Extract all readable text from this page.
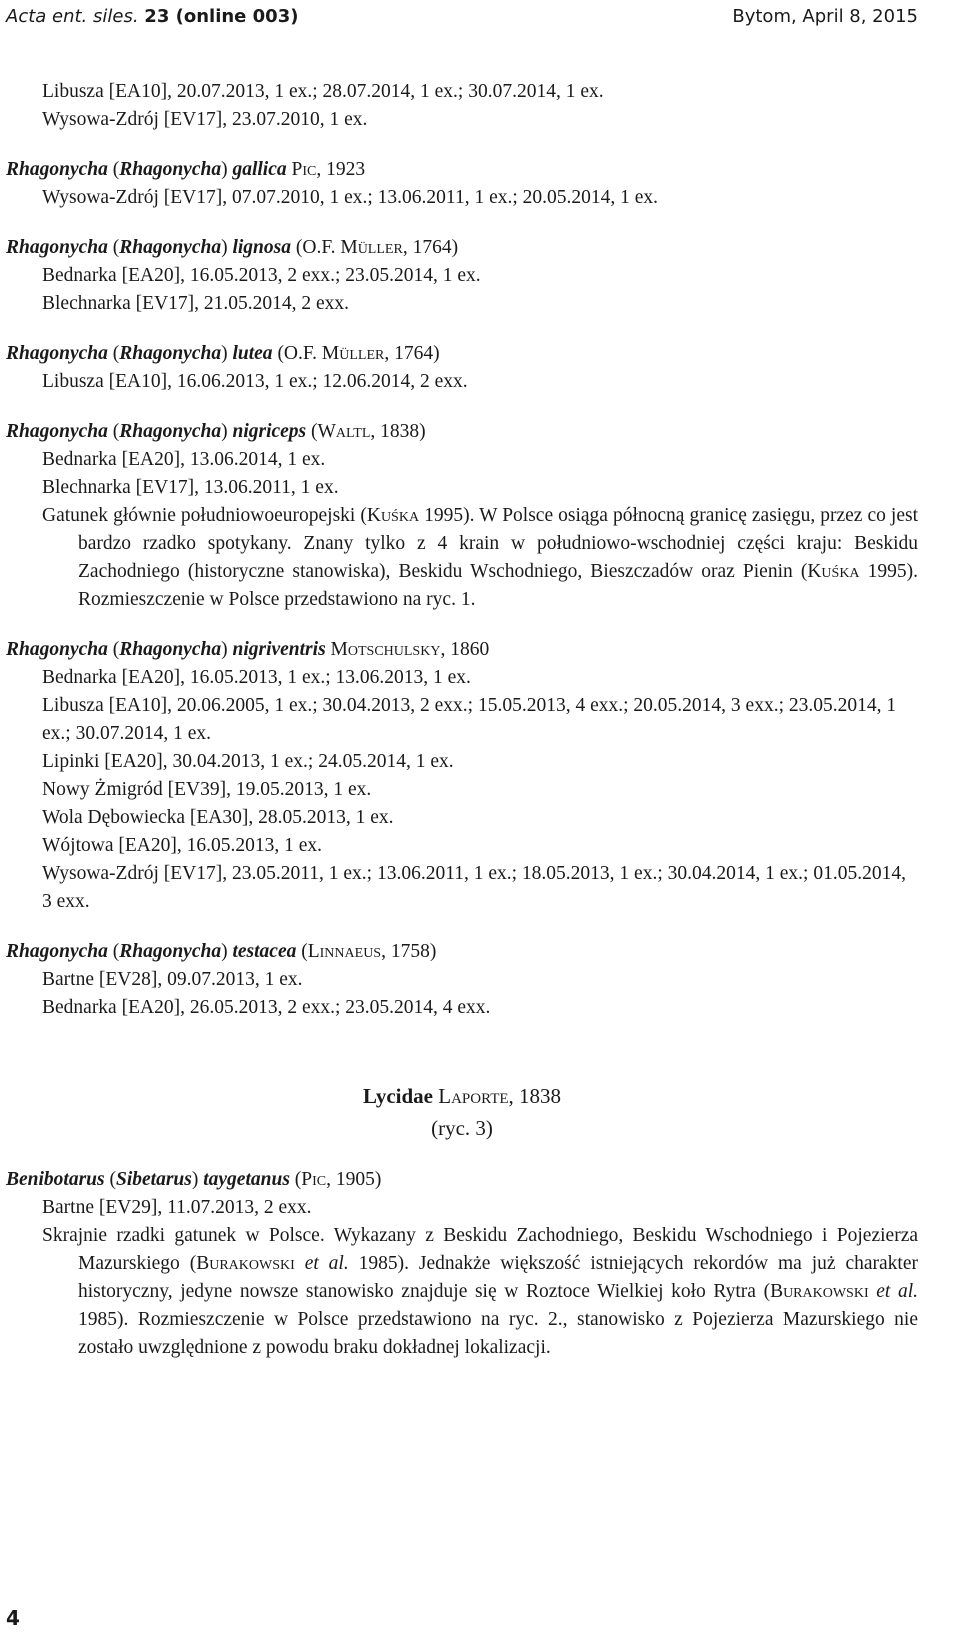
Acta ent. siles. 23 (online 003)	Bytom, April 8, 2015

Libusza [EA10], 20.07.2013, 1 ex.; 28.07.2014, 1 ex.; 30.07.2014, 1 ex.

Wysowa-Zdrój [EV17], 23.07.2010, 1 ex.

Rhagonycha (Rhagonycha) gallica Pic, 1923

Wysowa-Zdrój [EV17], 07.07.2010, 1 ex.; 13.06.2011, 1 ex.; 20.05.2014, 1 ex.

Rhagonycha (Rhagonycha) lignosa (O.F. Müller, 1764)

Bednarka [EA20], 16.05.2013, 2 exx.; 23.05.2014, 1 ex.

Blechnarka [EV17], 21.05.2014, 2 exx.

Rhagonycha (Rhagonycha) lutea (O.F. Müller, 1764)

Libusza [EA10], 16.06.2013, 1 ex.; 12.06.2014, 2 exx.

Rhagonycha (Rhagonycha) nigriceps (Waltl, 1838)

Bednarka [EA20], 13.06.2014, 1 ex.

Blechnarka [EV17], 13.06.2011, 1 ex.

Gatunek głównie południowoeuropejski (Kuśka 1995). W Polsce osiąga północną granicę zasięgu, przez co jest bardzo rzadko spotykany. Znany tylko z 4 krain w południowo-wschodniej części kraju: Beskidu Zachodniego (historyczne stanowiska), Beskidu Wschodniego, Bieszczadów oraz Pienin (Kuśka 1995). Rozmieszczenie w Polsce przedstawiono na ryc. 1.

Rhagonycha (Rhagonycha) nigriventris Motschulsky, 1860

Bednarka [EA20], 16.05.2013, 1 ex.; 13.06.2013, 1 ex.

Libusza [EA10], 20.06.2005, 1 ex.; 30.04.2013, 2 exx.; 15.05.2013, 4 exx.; 20.05.2014, 3 exx.; 23.05.2014, 1 ex.; 30.07.2014, 1 ex.

Lipinki [EA20], 30.04.2013, 1 ex.; 24.05.2014, 1 ex.

Nowy Żmigród [EV39], 19.05.2013, 1 ex.

Wola Dębowiecka [EA30], 28.05.2013, 1 ex.

Wójtowa [EA20], 16.05.2013, 1 ex.

Wysowa-Zdrój [EV17], 23.05.2011, 1 ex.; 13.06.2011, 1 ex.; 18.05.2013, 1 ex.; 30.04.2014, 1 ex.; 01.05.2014, 3 exx.

Rhagonycha (Rhagonycha) testacea (Linnaeus, 1758)

Bartne [EV28], 09.07.2013, 1 ex.

Bednarka [EA20], 26.05.2013, 2 exx.; 23.05.2014, 4 exx.

Lycidae Laporte, 1838
(ryc. 3)

Benibotarus (Sibetarus) taygetanus (Pic, 1905)

Bartne [EV29], 11.07.2013, 2 exx.

Skrajnie rzadki gatunek w Polsce. Wykazany z Beskidu Zachodniego, Beskidu Wschodniego i Pojezierza Mazurskiego (Burakowski et al. 1985). Jednakże większość istniejących rekordów ma już charakter historyczny, jedyne nowsze stanowisko znajduje się w Roztoce Wielkiej koło Rytra (Burakowski et al. 1985). Rozmieszczenie w Polsce przedstawiono na ryc. 2., stanowisko z Pojezierza Mazurskiego nie zostało uwzględnione z powodu braku dokładnej lokalizacji.

4
